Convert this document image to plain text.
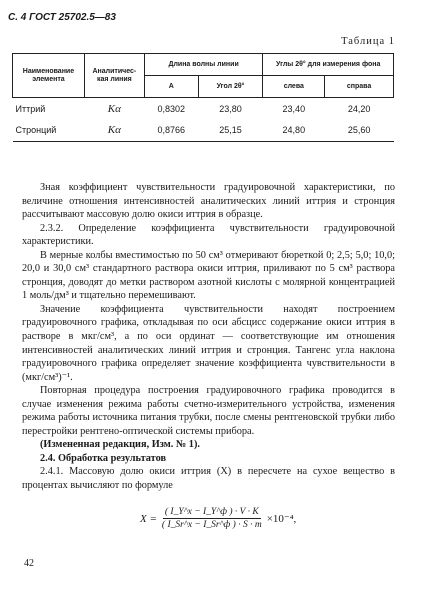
С. 4 ГОСТ 25702.5—83
Таблица 1
Наименование элемента	Аналитичес-кая линия	Длина волны линии		Углы 2θ° для измерения фона	
		А	Угол 2θ°	слева	справа
Иттрий	Kα	0,8302	23,80	23,40	24,20
Стронций	Kα	0,8766	25,15	24,80	25,60

Зная коэффициент чувствительности градуировочной характеристики, по величине отношения интенсивностей аналитических линий иттрия и стронция рассчитывают массовую долю окиси иттрия в образце.

2.3.2. Определение коэффициента чувствительности градуировочной характеристики.

В мерные колбы вместимостью по 50 см³ отмеривают бюреткой 0; 2,5; 5,0; 10,0; 20,0 и 30,0 см³ стандартного раствора окиси иттрия, приливают по 5 см³ раствора стронция, доводят до метки раствором азотной кислоты с молярной концентрацией 1 моль/дм³ и тщательно перемешивают.

Значение коэффициента чувствительности находят построением градуировочного графика, откладывая по оси абсцисс содержание окиси иттрия в растворе в мкг/см³, а по оси ординат — соответствующие им отношения интенсивностей аналитических линий иттрия и стронция. Тангенс угла наклона градуировочного графика определяет значение коэффициента чувствительности в (мкг/см³)⁻¹.

Повторная процедура построения градуировочного графика проводится в случае изменения режима работы счетно-измерительного устройства, изменения режима работы источника питания трубки, после смены рентгеновской трубки либо перестройки рентгено-оптической системы прибора.

(Измененная редакция, Изм. № 1).

2.4. Обработка результатов

2.4.1. Массовую долю окиси иттрия (X) в пересчете на сухое вещество в процентах вычисляют по формуле

$X = \frac{( I\_Y\^{}x - I\_Y\^{}ф ) \cdot V \cdot K}{( I\_Sr\^{}x - I\_Sr\^{}ф ) \cdot S \cdot m} \times 10^{-4}$,
42
